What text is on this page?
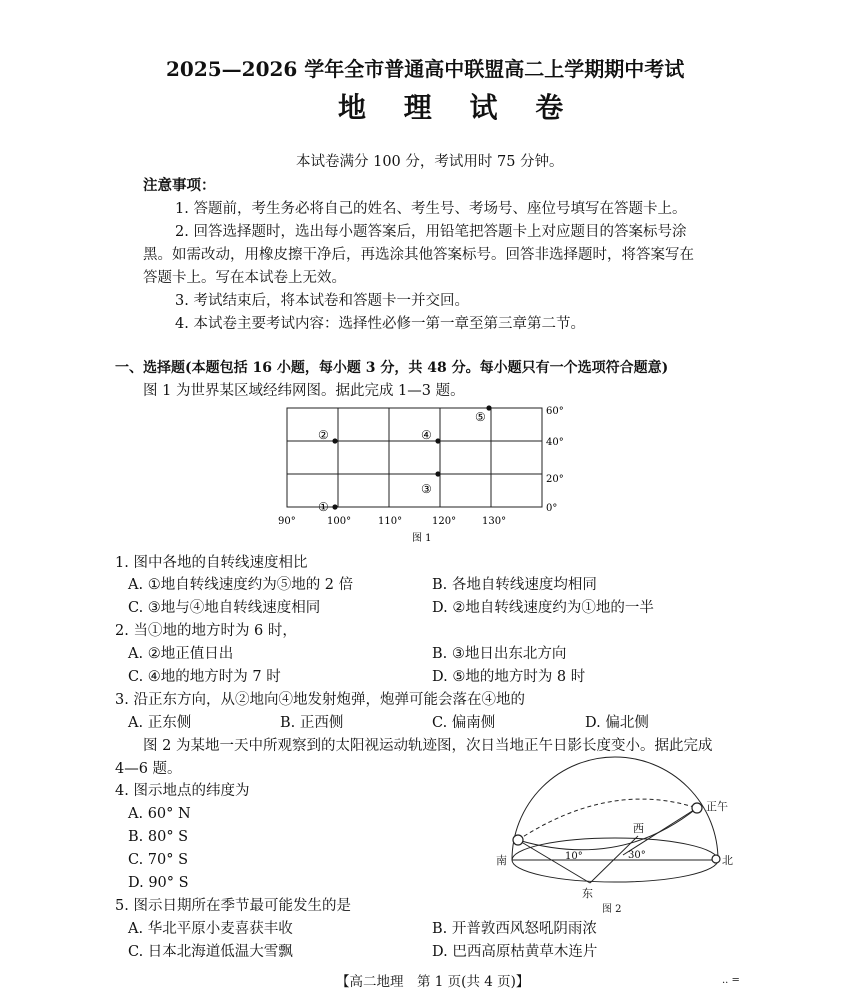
2025—2026 学年全市普通高中联盟高二上学期期中考试
地 理 试 卷
本试卷满分 100 分，考试用时 75 分钟。
注意事项：
1. 答题前，考生务必将自己的姓名、考生号、考场号、座位号填写在答题卡上。
2. 回答选择题时，选出每小题答案后，用铅笔把答题卡上对应题目的答案标号涂
黑。如需改动，用橡皮擦干净后，再选涂其他答案标号。回答非选择题时，将答案写在
答题卡上。写在本试卷上无效。
3. 考试结束后，将本试卷和答题卡一并交回。
4. 本试卷主要考试内容：选择性必修一第一章至第三章第二节。
一、选择题(本题包括 16 小题，每小题 3 分，共 48 分。每小题只有一个选项符合题意)
图 1 为世界某区域经纬网图。据此完成 1—3 题。
①
②
③
④
⑤	60°
40°
20°
0°
90°	100°	110°	120°	130°
图 1
1. 图中各地的自转线速度相比
A. ①地自转线速度约为⑤地的 2 倍	B. 各地自转线速度均相同
C. ③地与④地自转线速度相同	D. ②地自转线速度约为①地的一半
2. 当①地的地方时为 6 时，
A. ②地正值日出	B. ③地日出东北方向
C. ④地的地方时为 7 时	D. ⑤地的地方时为 8 时
3. 沿正东方向，从②地向④地发射炮弹，炮弹可能会落在④地的
A. 正东侧	B. 正西侧	C. 偏南侧	D. 偏北侧
图 2 为某地一天中所观察到的太阳视运动轨迹图，次日当地正午日影长度变小。据此完成
4—6 题。
4. 图示地点的纬度为
A. 60° N
B. 80° S
C. 70° S
D. 90° S
5. 图示日期所在季节最可能发生的是
A. 华北平原小麦喜获丰收	B. 开普敦西风怒吼阴雨浓
C. 日本北海道低温大雪飘	D. 巴西高原枯黄草木连片
正午
西
南	北
东
10°	30°
图 2
【高二地理　第 1 页(共 4 页)】	.. =
